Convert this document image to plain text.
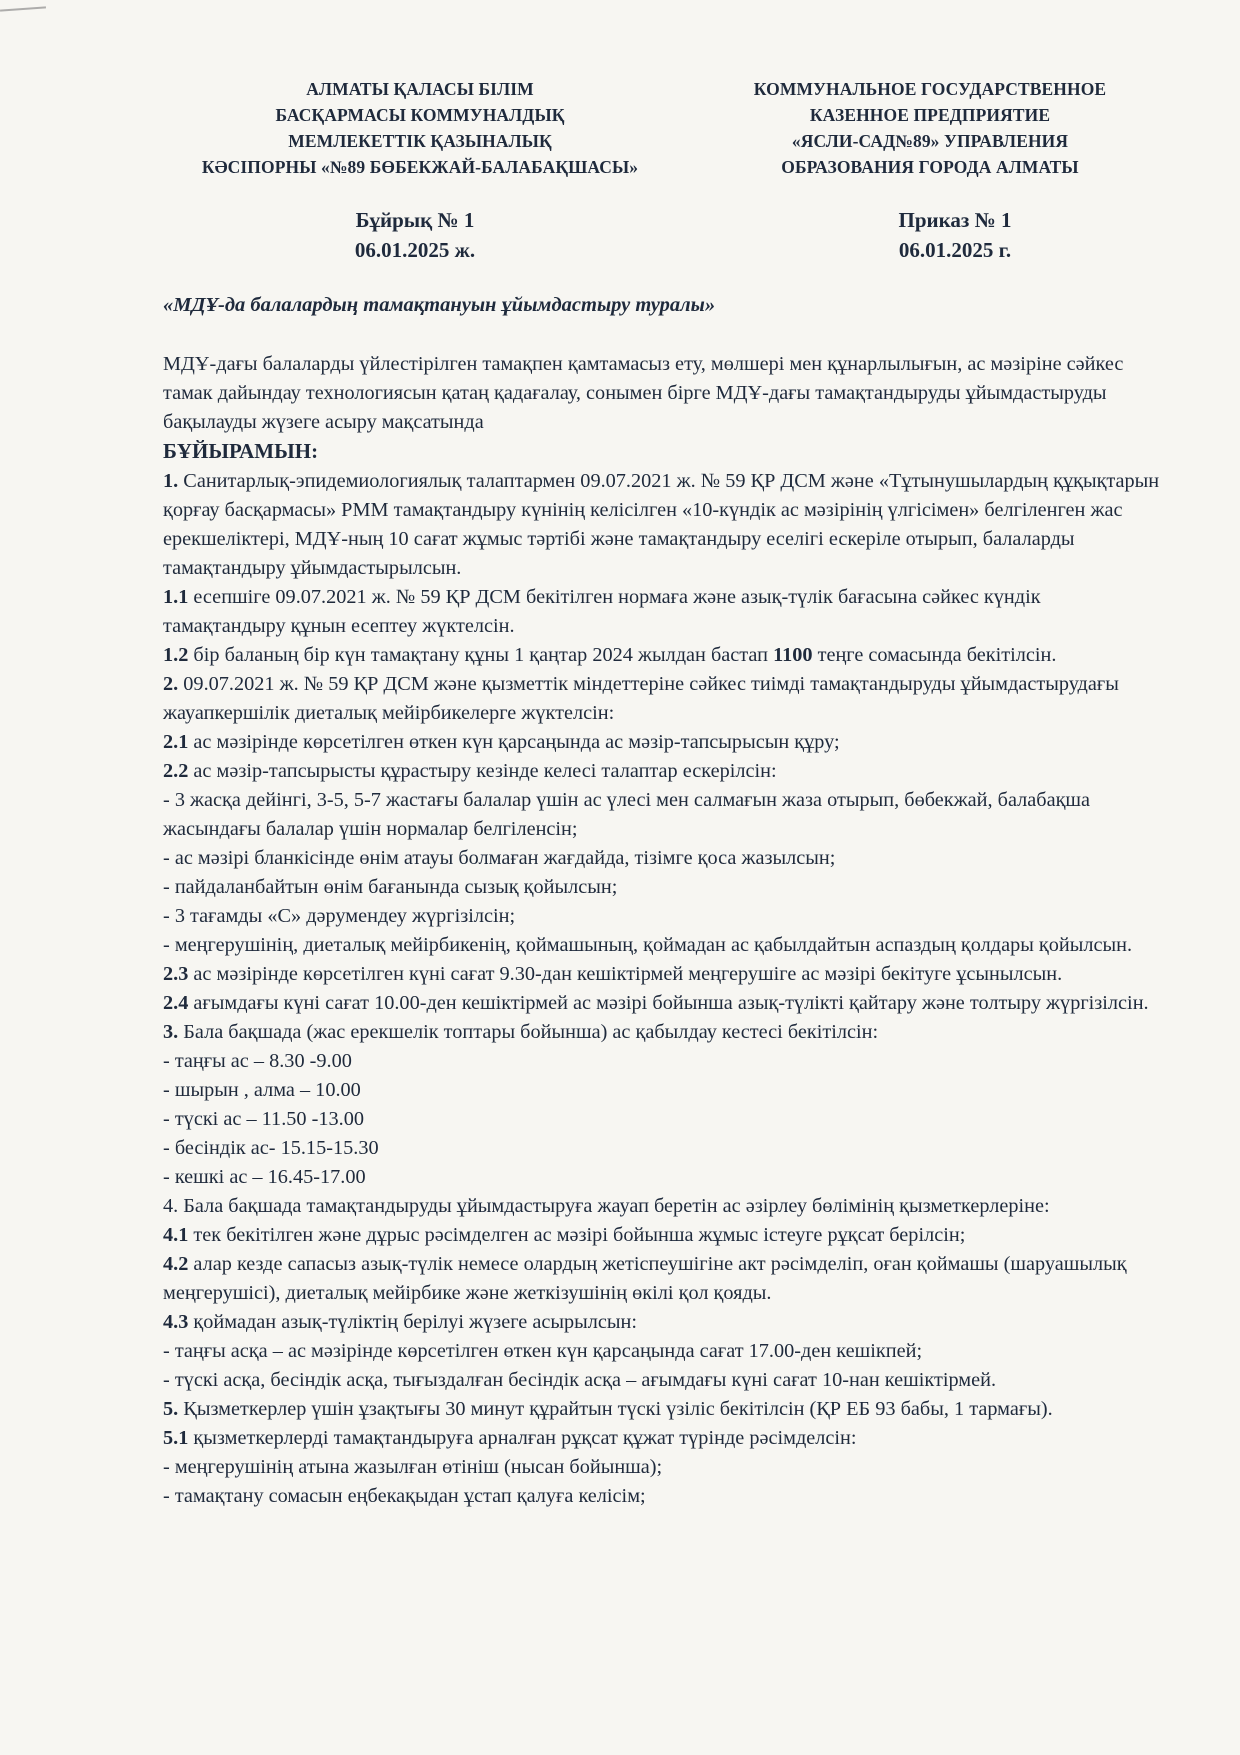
АЛМАТЫ ҚАЛАСЫ БІЛІМ
БАСҚАРМАСЫ КОММУНАЛДЫҚ
МЕМЛЕКЕТТІК ҚАЗЫНАЛЫҚ
КӘСІПОРНЫ «№89 БӨБЕКЖАЙ-БАЛАБАҚШАСЫ»
КОММУНАЛЬНОЕ ГОСУДАРСТВЕННОЕ
КАЗЕННОЕ ПРЕДПРИЯТИЕ
«ЯСЛИ-САД№89» УПРАВЛЕНИЯ
ОБРАЗОВАНИЯ ГОРОДА АЛМАТЫ
Бұйрық № 1
06.01.2025 ж.
Приказ № 1
06.01.2025 г.
«МДҰ-да балалардың тамақтануын ұйымдастыру туралы»

МДҰ-дағы балаларды үйлестірілген тамақпен қамтамасыз ету, мөлшері мен құнарлылығын, ас мәзіріне сәйкес тамак дайындау технологиясын қатаң қадағалау, сонымен бірге МДҰ-дағы тамақтандыруды ұйымдастыруды бақылауды жүзеге асыру мақсатында

БҰЙЫРАМЫН:

1. Санитарлық-эпидемиологиялық талаптармен 09.07.2021 ж. № 59 ҚР ДСМ және «Тұтынушылардың құқықтарын қорғау басқармасы» РММ тамақтандыру күнінің келісілген «10-күндік ас мәзірінің үлгісімен» белгіленген жас ерекшеліктері, МДҰ-ның 10 сағат жұмыс тәртібі және тамақтандыру еселігі ескеріле отырып, балаларды тамақтандыру ұйымдастырылсын.

1.1 есепшіге 09.07.2021 ж. № 59 ҚР ДСМ бекітілген нормаға және азық-түлік бағасына сәйкес күндік тамақтандыру құнын есептеу жүктелсін.

1.2 бір баланың бір күн тамақтану құны 1 қаңтар 2024 жылдан бастап 1100 теңге сомасында бекітілсін.

2. 09.07.2021 ж. № 59 ҚР ДСМ және қызметтік міндеттеріне сәйкес тиімді тамақтандыруды ұйымдастырудағы жауапкершілік диеталық мейірбикелерге жүктелсін:

2.1 ас мәзірінде көрсетілген өткен күн қарсаңында ас мәзір-тапсырысын құру;

2.2 ас мәзір-тапсырысты құрастыру кезінде келесі талаптар ескерілсін:

- 3 жасқа дейінгі, 3-5, 5-7 жастағы балалар үшін ас үлесі мен салмағын жаза отырып, бөбекжай, балабақша жасындағы балалар үшін нормалар белгіленсін;

- ас мәзірі бланкісінде өнім атауы болмаған жағдайда, тізімге қоса жазылсын;

- пайдаланбайтын өнім бағанында сызық қойылсын;

- 3 тағамды «С» дәрумендеу жүргізілсін;

- меңгерушінің, диеталық мейірбикенің, қоймашының, қоймадан ас қабылдайтын аспаздың қолдары қойылсын.

2.3 ас мәзірінде көрсетілген күні сағат 9.30-дан кешіктірмей меңгерушіге ас мәзірі бекітуге ұсынылсын.

2.4 ағымдағы күні сағат 10.00-ден кешіктірмей ас мәзірі бойынша азық-түлікті қайтару және толтыру жүргізілсін.

3. Бала бақшада (жас ерекшелік топтары бойынша) ас қабылдау кестесі бекітілсін:

- таңғы ас – 8.30 -9.00

- шырын , алма – 10.00

- түскі ас – 11.50 -13.00

- бесіндік ас- 15.15-15.30

- кешкі ас – 16.45-17.00

4. Бала бақшада тамақтандыруды ұйымдастыруға жауап беретін ас әзірлеу бөлімінің қызметкерлеріне:

4.1 тек бекітілген және дұрыс рәсімделген ас мәзірі бойынша жұмыс істеуге рұқсат берілсін;

4.2 алар кезде сапасыз азық-түлік немесе олардың жетіспеушігіне акт рәсімделіп, оған қоймашы (шаруашылық меңгерушісі), диеталық мейірбике және жеткізушінің өкілі қол қояды.

4.3 қоймадан азық-түліктің берілуі жүзеге асырылсын:

- таңғы асқа – ас мәзірінде көрсетілген өткен күн қарсаңында сағат 17.00-ден кешікпей;

- түскі асқа, бесіндік асқа, тығыздалған бесіндік асқа – ағымдағы күні сағат 10-нан кешіктірмей.

5. Қызметкерлер үшін ұзақтығы 30 минут құрайтын түскі үзіліс бекітілсін (ҚР ЕБ 93 бабы, 1 тармағы).

5.1 қызметкерлерді тамақтандыруға арналған рұқсат құжат түрінде рәсімделсін:

- меңгерушінің атына жазылған өтініш (нысан бойынша);

- тамақтану сомасын еңбекақыдан ұстап қалуға келісім;
